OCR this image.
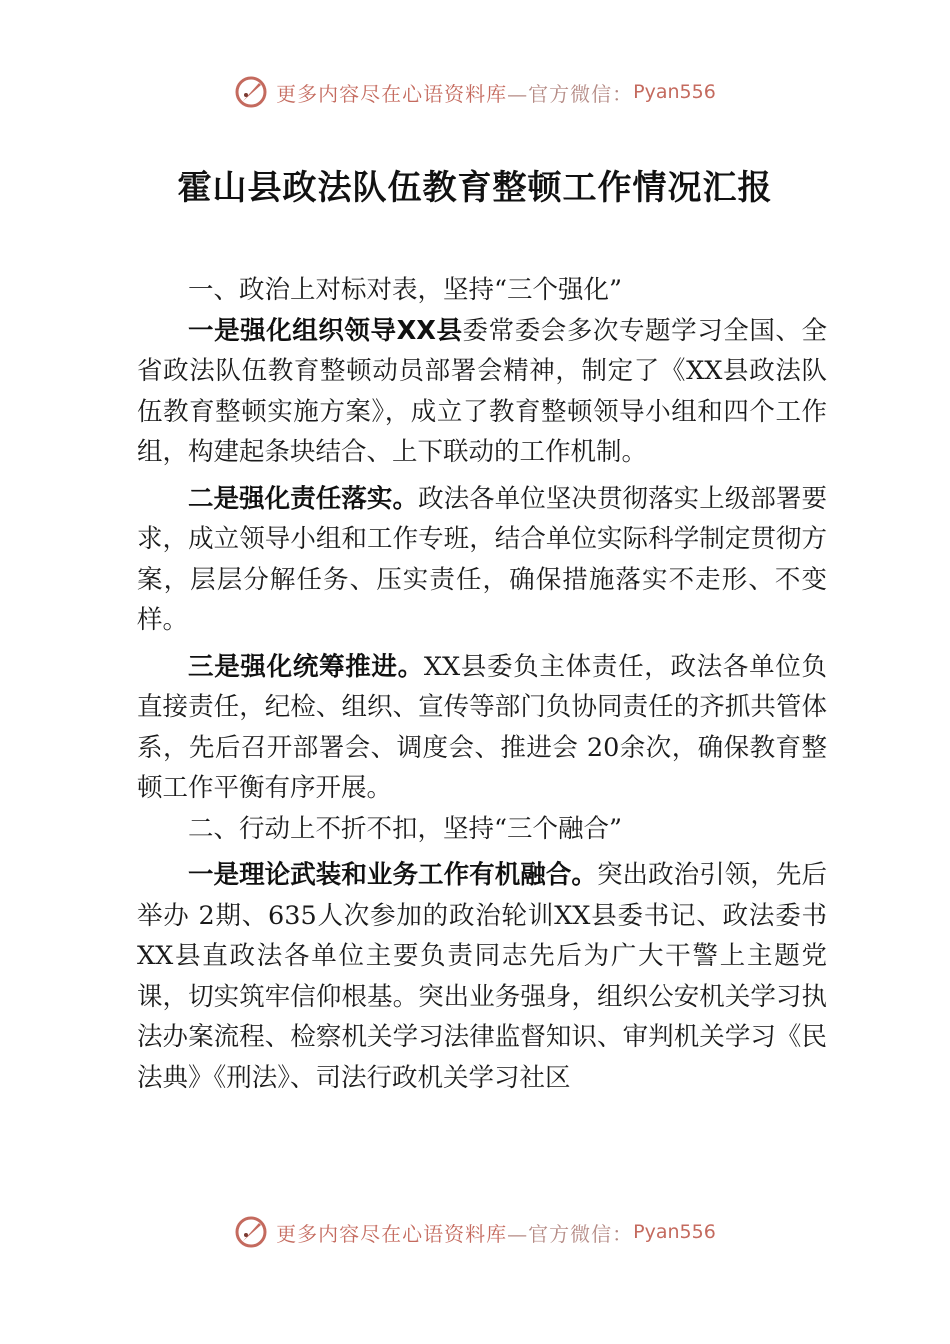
更多内容尽在心语资料库 —官方微信： Pyan556
霍山县政法队伍教育整顿工作情况汇报

一、政治上对标对表，坚持“三个强化”

一是强化组织领导XX县委常委会多次专题学习全国、全省政法队伍教育整顿动员部署会精神，制定了《XX县政法队伍教育整顿实施方案》，成立了教育整顿领导小组和四个工作组，构建起条块结合、上下联动的工作机制。

二是强化责任落实。政法各单位坚决贯彻落实上级部署要求，成立领导小组和工作专班，结合单位实际科学制定贯彻方案，层层分解任务、压实责任，确保措施落实不走形、不变样。

三是强化统筹推进。XX县委负主体责任，政法各单位负直接责任，纪检、组织、宣传等部门负协同责任的齐抓共管体系，先后召开部署会、调度会、推进会 20余次，确保教育整顿工作平衡有序开展。

二、行动上不折不扣，坚持“三个融合”

一是理论武装和业务工作有机融合。突出政治引领，先后举办 2期、635人次参加的政治轮训XX县委书记、政法委书XX县直政法各单位主要负责同志先后为广大干警上主题党课，切实筑牢信仰根基。突出业务强身，组织公安机关学习执法办案流程、检察机关学习法律监督知识、审判机关学习《民法典》《刑法》、司法行政机关学习社区

更多内容尽在心语资料库 —官方微信： Pyan556
